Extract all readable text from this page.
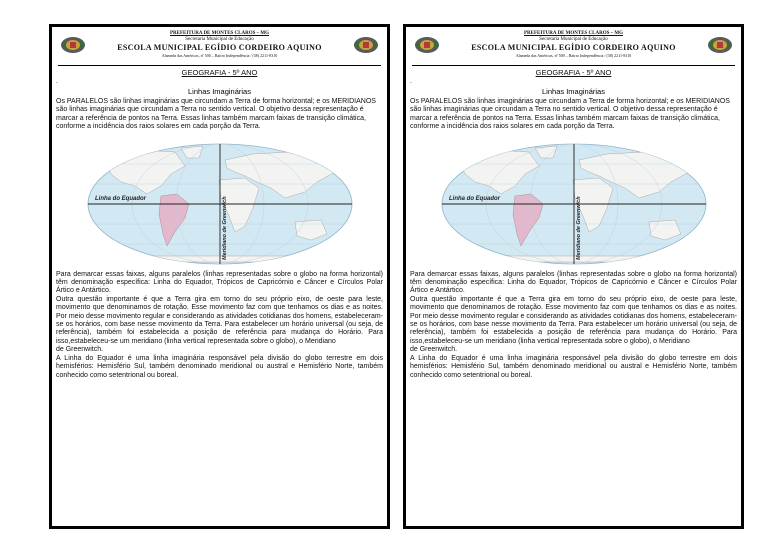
PREFEITURA DE MONTES CLAROS – MG
Secretaria Municipal de Educação
ESCOLA MUNICIPAL EGÍDIO CORDEIRO AQUINO
Alameda das Américas, nº 500 – Bairro Independência / (38) 2211-8310
GEOGRAFIA - 5º ANO
.
Linhas Imaginárias
Os PARALELOS são linhas imaginárias que circundam a Terra de forma horizontal; e os MERIDIANOS são linhas imaginárias que circundam a Terra no sentido vertical. O objetivo dessa representação é marcar a referência de pontos na Terra. Essas linhas também marcam faixas de transição climática, conforme a incidência dos raios solares em cada porção da Terra.
Linha do Equador	Meridiano de Greenwich
Para demarcar essas faixas, alguns paralelos (linhas representadas sobre o globo na forma horizontal) têm denominação específica: Linha do Equador, Trópicos de Capricórnio e Câncer e Círculos Polar Ártico e Antártico.
Outra questão importante é que a Terra gira em torno do seu próprio eixo, de oeste para leste, movimento que denominamos de rotação. Esse movimento faz com que tenhamos os dias e as noites. Por meio desse movimento regular e considerando as atividades cotidianas dos homens, estabeleceram-se os horários, com base nesse movimento da Terra. Para estabelecer um horário universal (ou seja, de referência), também foi estabelecida a posição de referência para mudança do Horário. Para isso,estabeleceu-se um meridiano (linha vertical representada sobre o globo), o Meridiano
de Greenwitch.
A Linha do Equador é uma linha imaginária responsável pela divisão do globo terrestre em dois hemisférios: Hemisfério Sul, também denominado meridional ou austral e Hemisfério Norte, também conhecido como setentrional ou boreal.
PREFEITURA DE MONTES CLAROS – MG
Secretaria Municipal de Educação
ESCOLA MUNICIPAL EGÍDIO CORDEIRO AQUINO
Alameda das Américas, nº 500 – Bairro Independência / (38) 2211-8310
GEOGRAFIA - 5º ANO
.
Linhas Imaginárias
Os PARALELOS são linhas imaginárias que circundam a Terra de forma horizontal; e os MERIDIANOS são linhas imaginárias que circundam a Terra no sentido vertical. O objetivo dessa representação é marcar a referência de pontos na Terra. Essas linhas também marcam faixas de transição climática, conforme a incidência dos raios solares em cada porção da Terra.
Linha do Equador	Meridiano de Greenwich
Para demarcar essas faixas, alguns paralelos (linhas representadas sobre o globo na forma horizontal) têm denominação específica: Linha do Equador, Trópicos de Capricórnio e Câncer e Círculos Polar Ártico e Antártico.
Outra questão importante é que a Terra gira em torno do seu próprio eixo, de oeste para leste, movimento que denominamos de rotação. Esse movimento faz com que tenhamos os dias e as noites. Por meio desse movimento regular e considerando as atividades cotidianas dos homens, estabeleceram-se os horários, com base nesse movimento da Terra. Para estabelecer um horário universal (ou seja, de referência), também foi estabelecida a posição de referência para mudança do Horário. Para isso,estabeleceu-se um meridiano (linha vertical representada sobre o globo), o Meridiano
de Greenwitch.
A Linha do Equador é uma linha imaginária responsável pela divisão do globo terrestre em dois hemisférios: Hemisfério Sul, também denominado meridional ou austral e Hemisfério Norte, também conhecido como setentrional ou boreal.
